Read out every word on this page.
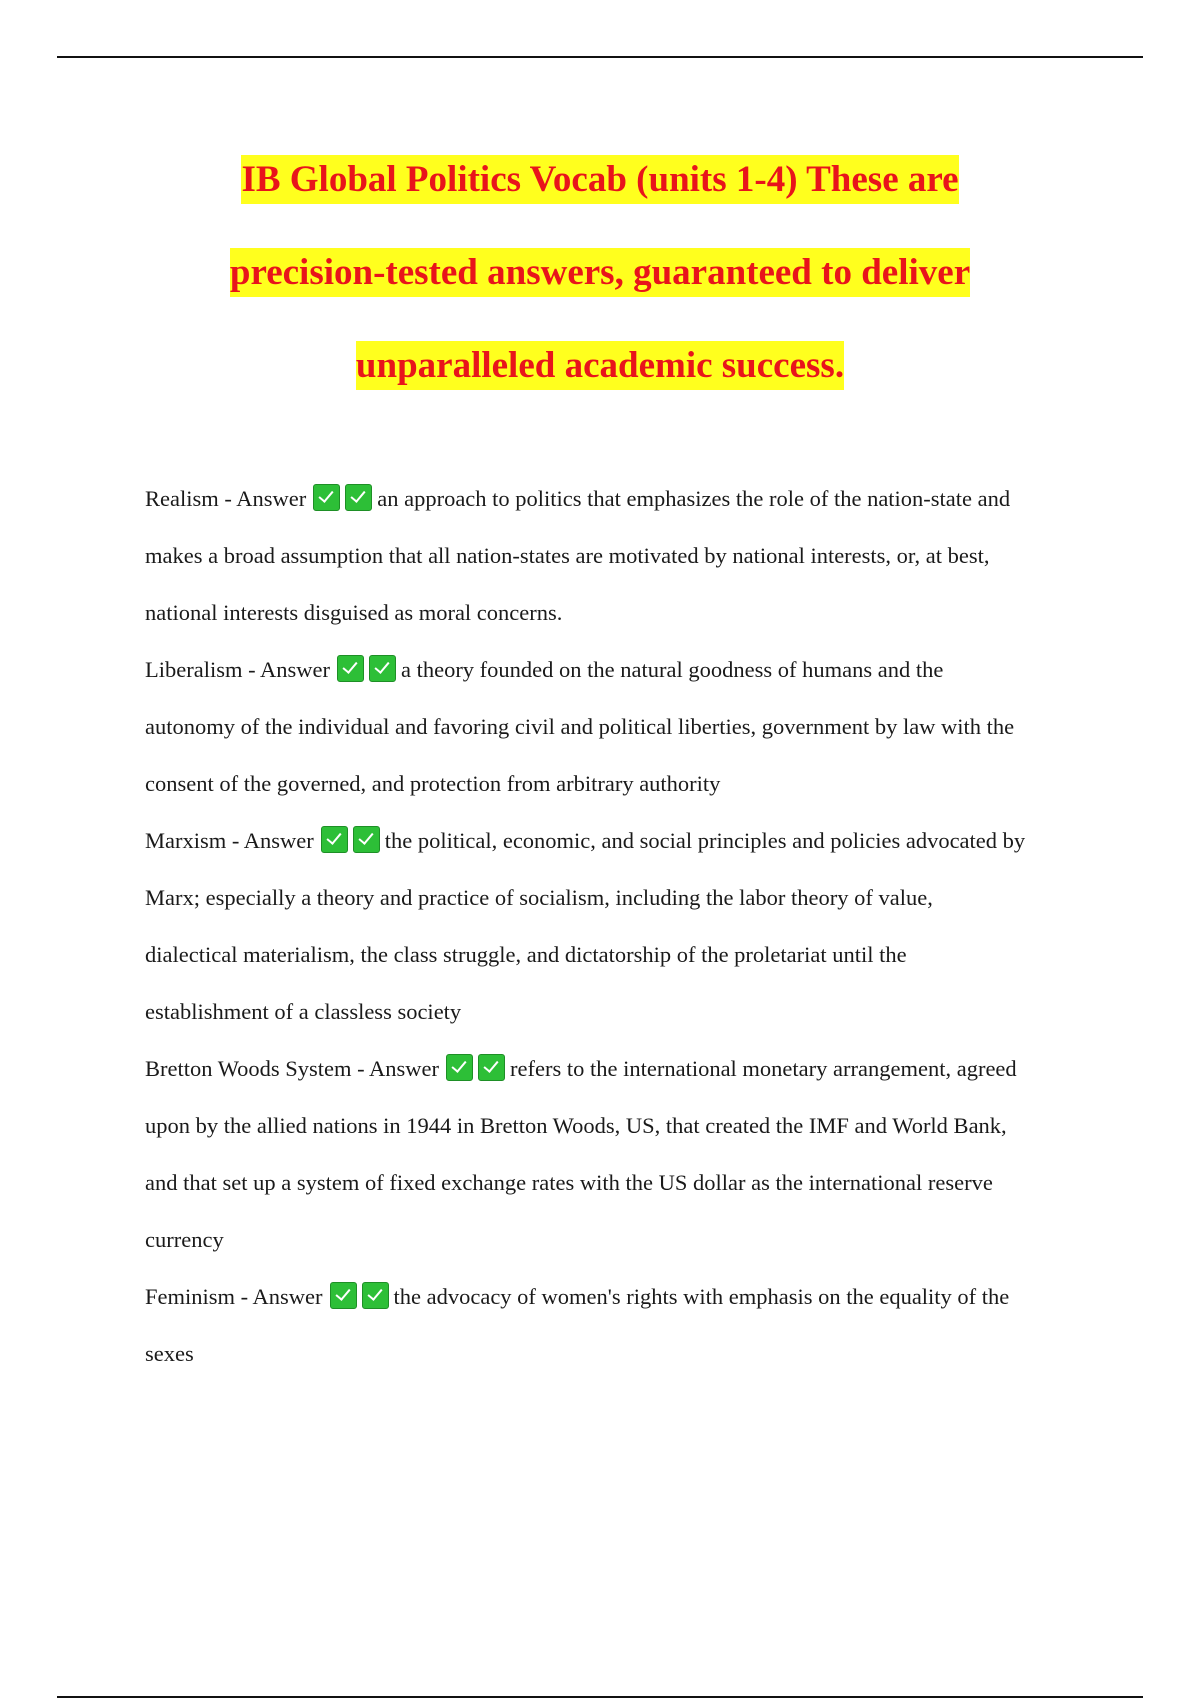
IB Global Politics Vocab (units 1-4) These are
precision-tested answers, guaranteed to deliver
unparalleled academic success.
Realism - Answer	an approach to politics that emphasizes the role of the nation-state and
makes a broad assumption that all nation-states are motivated by national interests, or, at best,
national interests disguised as moral concerns.
Liberalism - Answer	a theory founded on the natural goodness of humans and the
autonomy of the individual and favoring civil and political liberties, government by law with the
consent of the governed, and protection from arbitrary authority
Marxism - Answer	the political, economic, and social principles and policies advocated by
Marx; especially a theory and practice of socialism, including the labor theory of value,
dialectical materialism, the class struggle, and dictatorship of the proletariat until the
establishment of a classless society
Bretton Woods System - Answer	refers to the international monetary arrangement, agreed
upon by the allied nations in 1944 in Bretton Woods, US, that created the IMF and World Bank,
and that set up a system of fixed exchange rates with the US dollar as the international reserve
currency
Feminism - Answer	the advocacy of women's rights with emphasis on the equality of the
sexes
